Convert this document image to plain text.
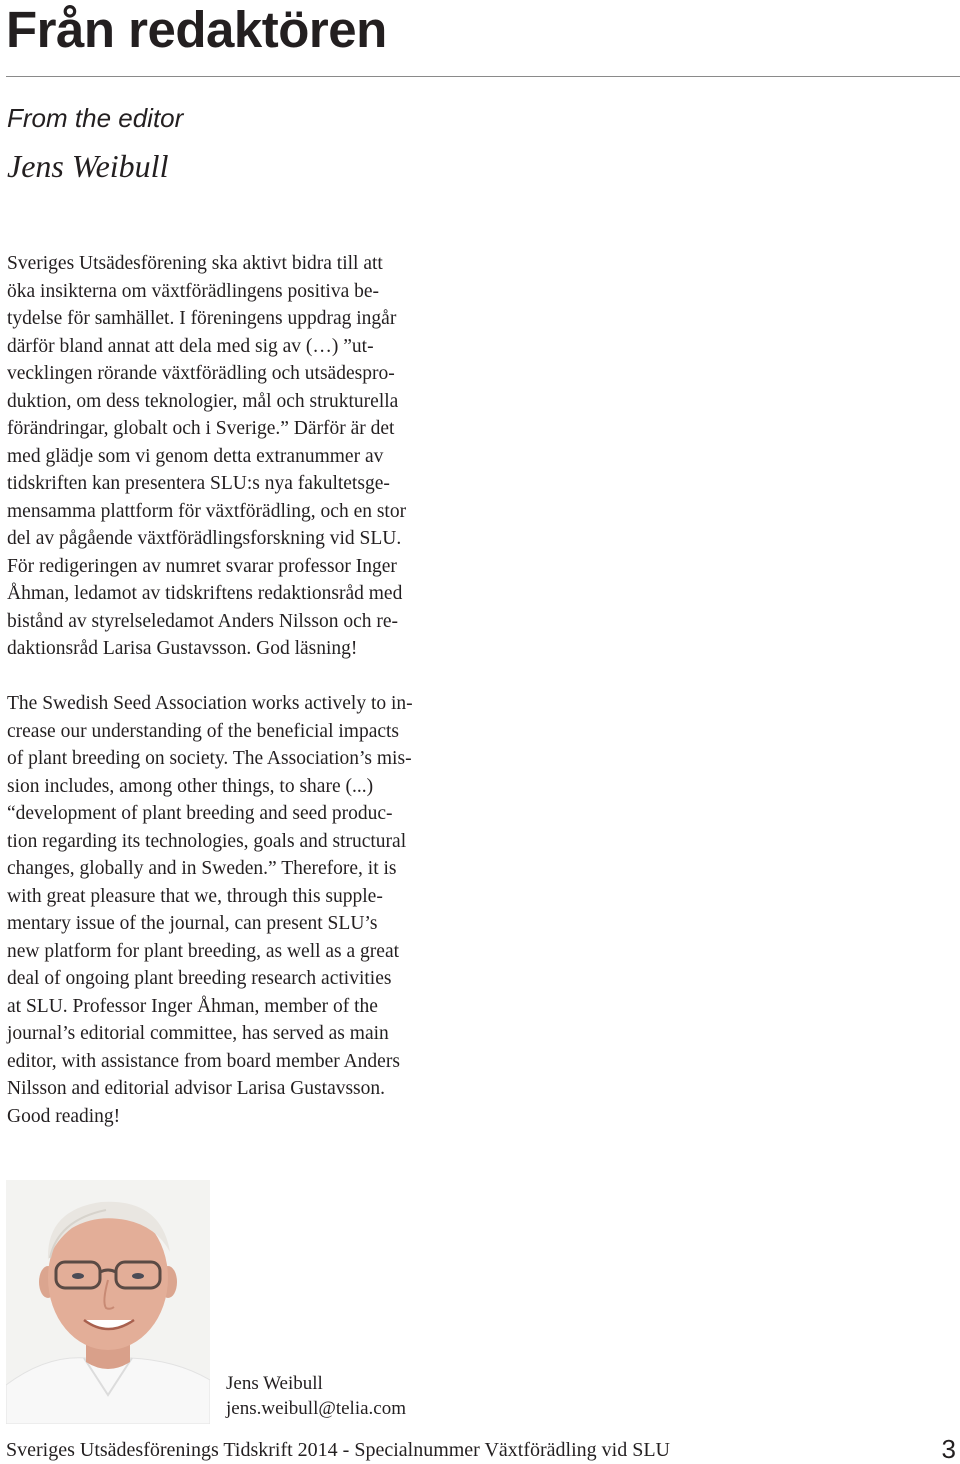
Från redaktören
From the editor
Jens Weibull

Sveriges Utsädesförening ska aktivt bidra till att
öka insikterna om växtförädlingens positiva be-
tydelse för samhället. I föreningens uppdrag ingår
därför bland annat att dela med sig av (…) ”ut-
vecklingen rörande växtförädling och utsädespro-
duktion, om dess teknologier, mål och strukturella
förändringar, globalt och i Sverige.” Därför är det
med glädje som vi genom detta extranummer av
tidskriften kan presentera SLU:s nya fakultetsge-
mensamma plattform för växtförädling, och en stor
del av pågående växtförädlingsforskning vid SLU.
För redigeringen av numret svarar professor Inger
Åhman, ledamot av tidskriftens redaktionsråd med
bistånd av styrelseledamot Anders Nilsson och re-
daktionsråd Larisa Gustavsson. God läsning!

The Swedish Seed Association works actively to in-
crease our understanding of the beneficial impacts
of plant breeding on society. The Association’s mis-
sion includes, among other things, to share (...)
“development of plant breeding and seed produc-
tion regarding its technologies, goals and structural
changes, globally and in Sweden.” Therefore, it is
with great pleasure that we, through this supple-
mentary issue of the journal, can present SLU’s
new platform for plant breeding, as well as a great
deal of ongoing plant breeding research activities
at SLU. Professor Inger Åhman, member of the
journal’s editorial committee, has served as main
editor, with assistance from board member Anders
Nilsson and editorial advisor Larisa Gustavsson.
Good reading!

Jens Weibull
jens.weibull@telia.com
Sveriges Utsädesförenings Tidskrift 2014 - Specialnummer Växtförädling vid SLU	3
